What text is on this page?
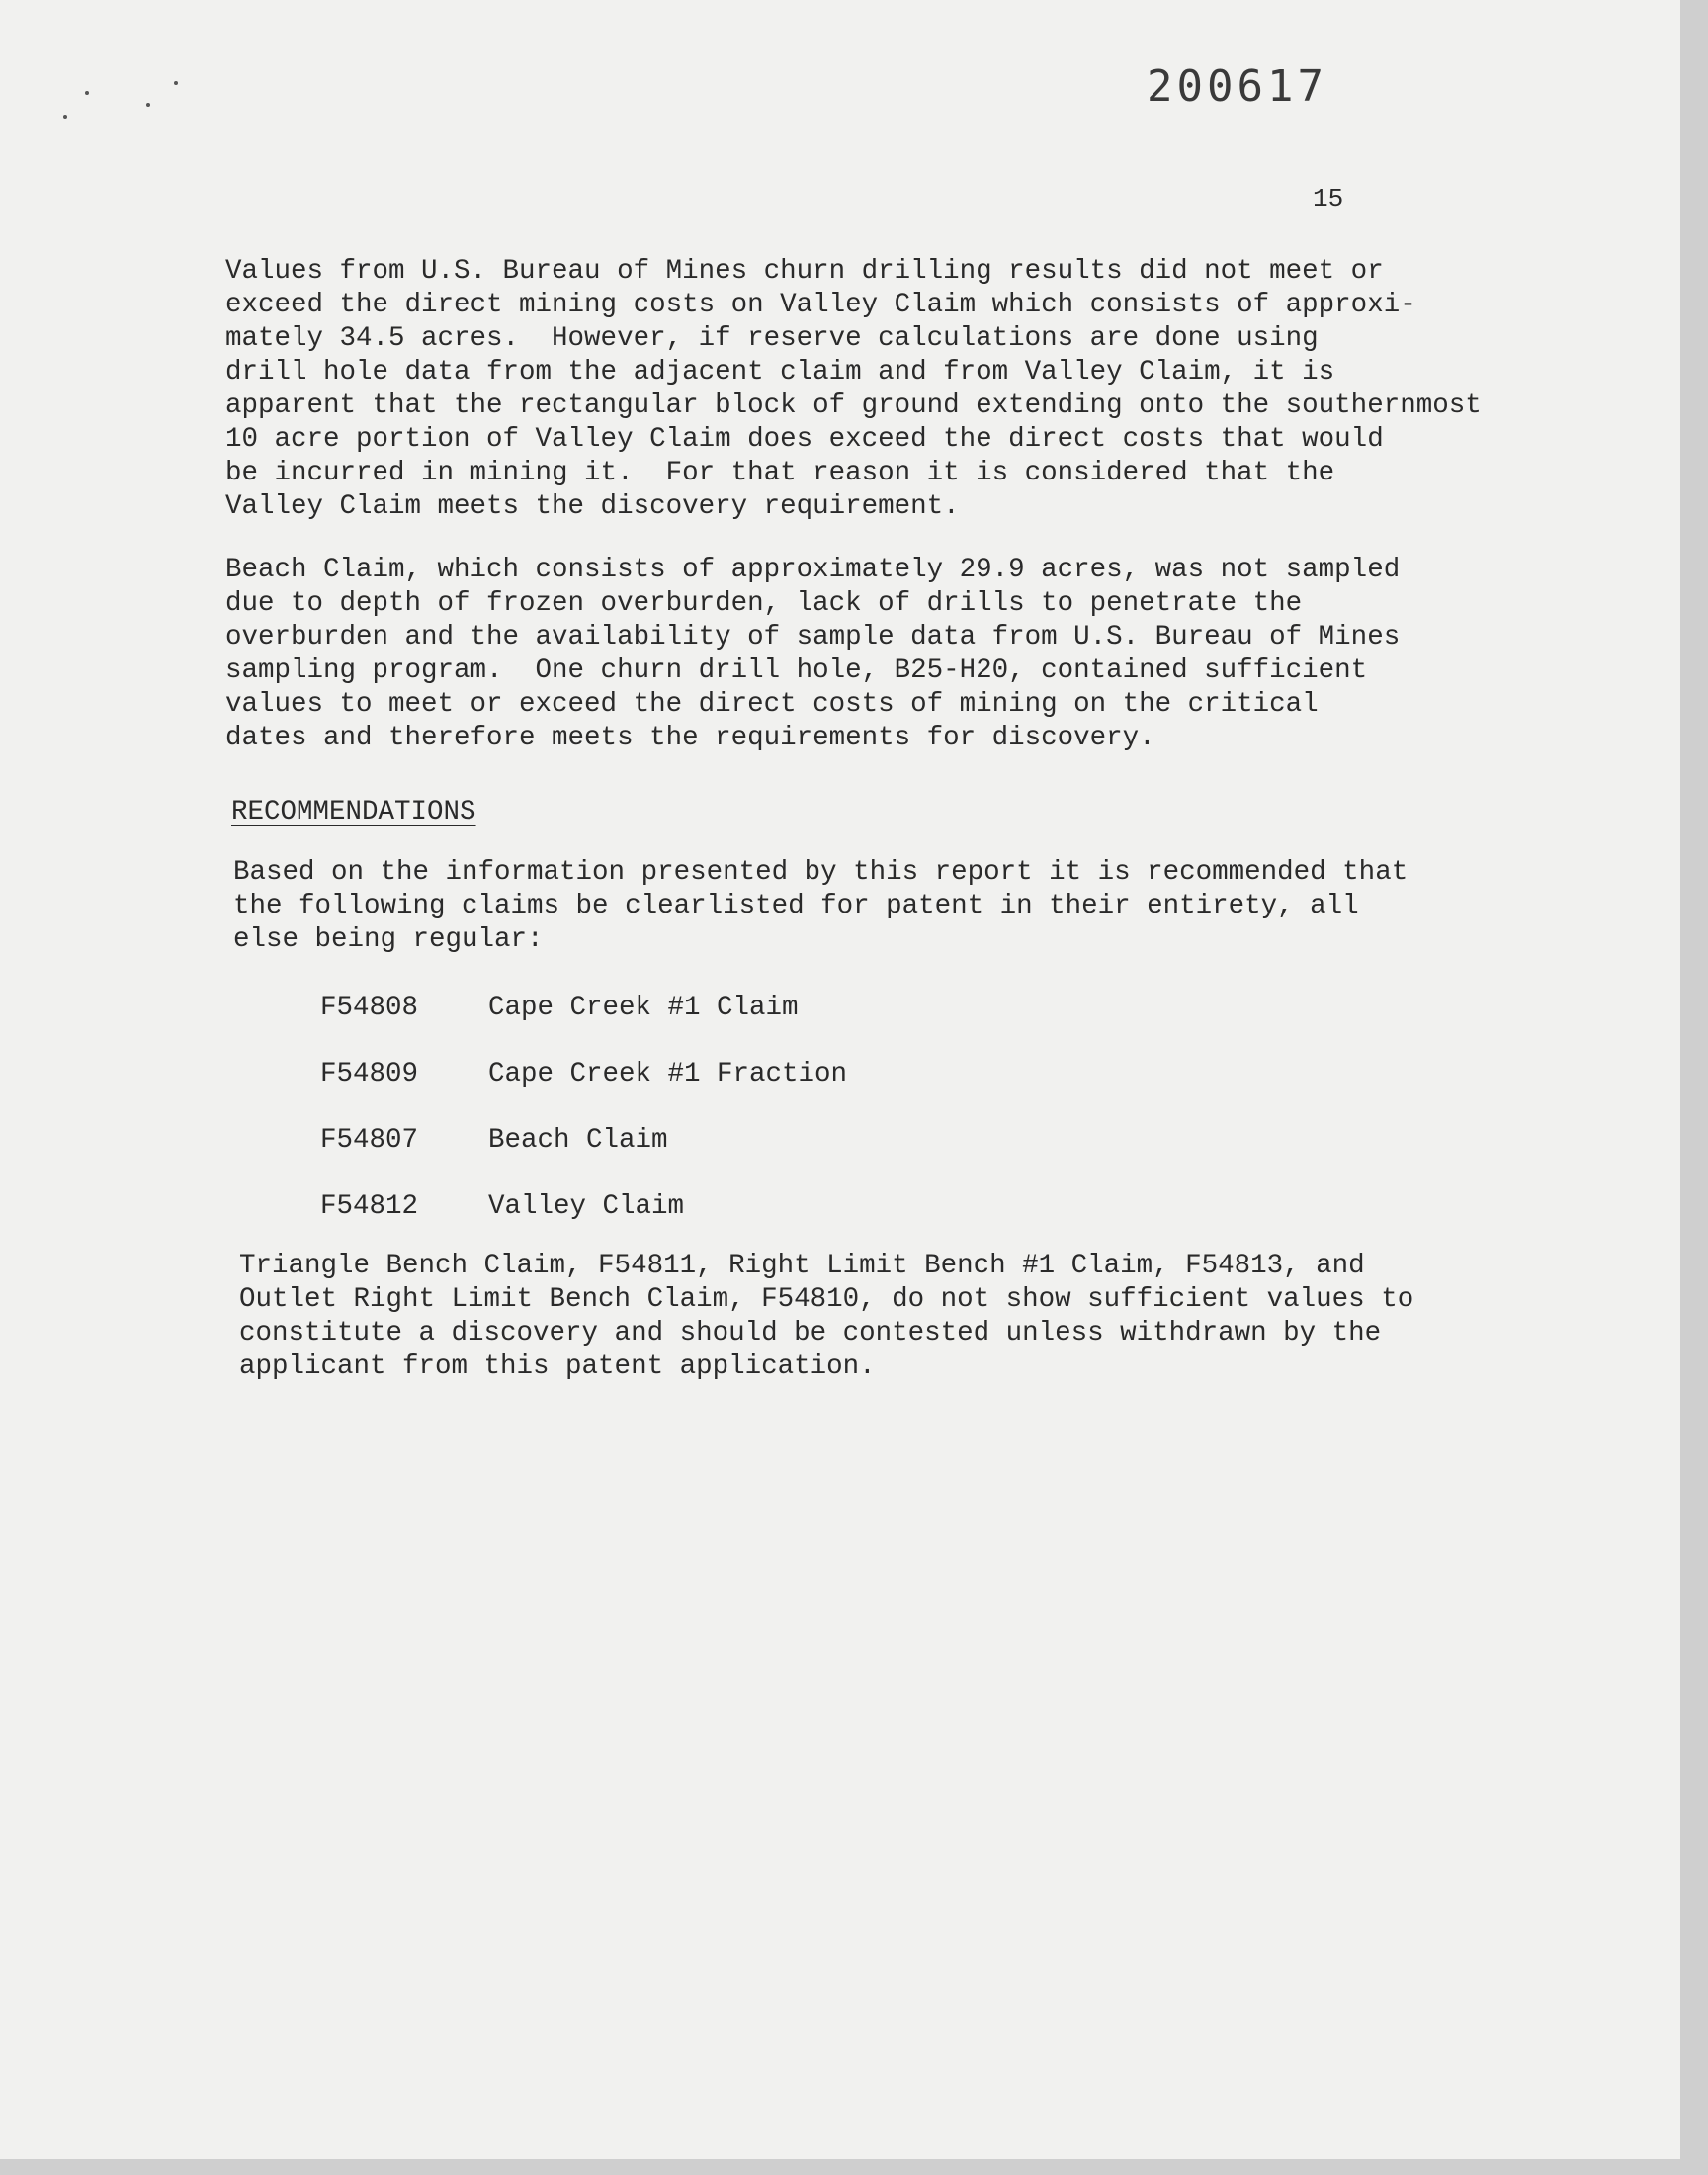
200617
15

Values from U.S. Bureau of Mines churn drilling results did not meet or
exceed the direct mining costs on Valley Claim which consists of approxi-
mately 34.5 acres.  However, if reserve calculations are done using
drill hole data from the adjacent claim and from Valley Claim, it is
apparent that the rectangular block of ground extending onto the southernmost
10 acre portion of Valley Claim does exceed the direct costs that would
be incurred in mining it.  For that reason it is considered that the
Valley Claim meets the discovery requirement.

Beach Claim, which consists of approximately 29.9 acres, was not sampled
due to depth of frozen overburden, lack of drills to penetrate the
overburden and the availability of sample data from U.S. Bureau of Mines
sampling program.  One churn drill hole, B25-H20, contained sufficient
values to meet or exceed the direct costs of mining on the critical
dates and therefore meets the requirements for discovery.

RECOMMENDATIONS

Based on the information presented by this report it is recommended that
the following claims be clearlisted for patent in their entirety, all
else being regular:

F54808	Cape Creek #1 Claim
F54809	Cape Creek #1 Fraction
F54807	Beach Claim
F54812	Valley Claim

Triangle Bench Claim, F54811, Right Limit Bench #1 Claim, F54813, and
Outlet Right Limit Bench Claim, F54810, do not show sufficient values to
constitute a discovery and should be contested unless withdrawn by the
applicant from this patent application.
